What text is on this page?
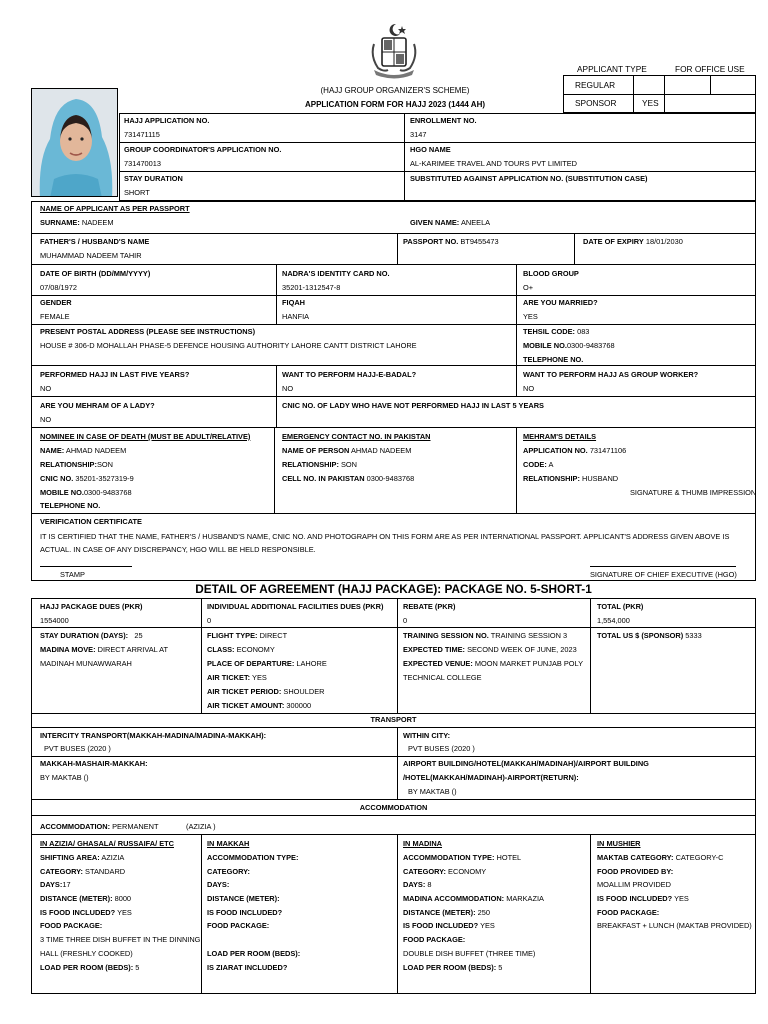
(HAJJ GROUP ORGANIZER'S SCHEME)
APPLICATION FORM FOR HAJJ 2023 (1444 AH)
APPLICANT TYPE	FOR OFFICE USE
REGULAR
SPONSOR	YES
HAJJ APPLICATION NO.
731471115
ENROLLMENT NO.
3147
GROUP COORDINATOR'S APPLICATION NO.
731470013
HGO NAME
AL-KARIMEE TRAVEL AND TOURS PVT LIMITED
STAY DURATION
SHORT
SUBSTITUTED AGAINST APPLICATION NO. (SUBSTITUTION CASE)
NAME OF APPLICANT AS PER PASSPORT
SURNAME: NADEEM	GIVEN NAME: ANEELA
FATHER'S / HUSBAND'S NAME
MUHAMMAD NADEEM TAHIR
PASSPORT NO. BT9455473	DATE OF EXPIRY 18/01/2030
DATE OF BIRTH (DD/MM/YYYY)
07/08/1972
NADRA'S IDENTITY CARD NO.
35201-1312547-8
BLOOD GROUP
O+
GENDER
FEMALE
FIQAH
HANFIA
ARE YOU MARRIED?
YES
PRESENT POSTAL ADDRESS (PLEASE SEE INSTRUCTIONS)
HOUSE # 306-D MOHALLAH PHASE-5 DEFENCE HOUSING AUTHORITY LAHORE CANTT DISTRICT LAHORE
TEHSIL CODE: 083
MOBILE NO.0300-9483768
TELEPHONE NO.
PERFORMED HAJJ IN LAST FIVE YEARS?
NO
WANT TO PERFORM HAJJ-E-BADAL?
NO
WANT TO PERFORM HAJJ AS GROUP WORKER?
NO
ARE YOU MEHRAM OF A LADY?
NO
CNIC NO. OF LADY WHO HAVE NOT PERFORMED HAJJ IN LAST 5 YEARS
NOMINEE IN CASE OF DEATH (MUST BE ADULT/RELATIVE)
NAME: AHMAD NADEEM
RELATIONSHIP:SON
CNIC NO. 35201-3527319-9
MOBILE NO.0300-9483768
TELEPHONE NO.
EMERGENCY CONTACT NO. IN PAKISTAN
NAME OF PERSON AHMAD NADEEM
RELATIONSHIP: SON
CELL NO. IN PAKISTAN 0300-9483768
MEHRAM'S DETAILS
APPLICATION NO. 731471106
CODE: A
RELATIONSHIP: HUSBAND
SIGNATURE & THUMB IMPRESSION
VERIFICATION CERTIFICATE
IT IS CERTIFIED THAT THE NAME, FATHER'S / HUSBAND'S NAME, CNIC NO. AND PHOTOGRAPH ON THIS FORM ARE AS PER INTERNATIONAL PASSPORT. APPLICANT'S ADDRESS GIVEN ABOVE IS ACTUAL. IN CASE OF ANY DISCREPANCY, HGO WILL BE HELD RESPONSIBLE.
STAMP	SIGNATURE OF CHIEF EXECUTIVE (HGO)
DETAIL OF AGREEMENT (HAJJ PACKAGE): PACKAGE NO. 5-SHORT-1
HAJJ PACKAGE DUES (PKR)
1554000
INDIVIDUAL ADDITIONAL FACILITIES DUES (PKR)
0
REBATE (PKR)
0
TOTAL (PKR)
1,554,000
STAY DURATION (DAYS): 25
MADINA MOVE: DIRECT ARRIVAL AT
MADINAH MUNAWWARAH
FLIGHT TYPE: DIRECT
CLASS: ECONOMY
PLACE OF DEPARTURE: LAHORE
AIR TICKET: YES
AIR TICKET PERIOD: SHOULDER
AIR TICKET AMOUNT: 300000
TRAINING SESSION NO. TRAINING SESSION 3
EXPECTED TIME: SECOND WEEK OF JUNE, 2023
EXPECTED VENUE: MOON MARKET PUNJAB POLY
TECHNICAL COLLEGE
TOTAL US $ (SPONSOR) 5333
TRANSPORT
INTERCITY TRANSPORT(MAKKAH-MADINA/MADINA-MAKKAH):
PVT BUSES (2020 )
WITHIN CITY:
PVT BUSES (2020 )
MAKKAH-MASHAIR-MAKKAH:
BY MAKTAB ()
AIRPORT BUILDING/HOTEL(MAKKAH/MADINAH)/AIRPORT BUILDING
/HOTEL(MAKKAH/MADINAH)-AIRPORT(RETURN):
BY MAKTAB ()
ACCOMMODATION
ACCOMMODATION: PERMANENT	(AZIZIA )
IN AZIZIA/ GHASALA/ RUSSAIFA/ ETC
SHIFTING AREA: AZIZIA
CATEGORY: STANDARD
DAYS:17
DISTANCE (METER): 8000
IS FOOD INCLUDED? YES
FOOD PACKAGE:
3 TIME THREE DISH BUFFET IN THE DINNING
HALL (FRESHLY COOKED)
LOAD PER ROOM (BEDS): 5
IN MAKKAH
ACCOMMODATION TYPE:
CATEGORY:
DAYS:
DISTANCE (METER):
IS FOOD INCLUDED?
FOOD PACKAGE:
LOAD PER ROOM (BEDS):
IS ZIARAT INCLUDED?
IN MADINA
ACCOMMODATION TYPE: HOTEL
CATEGORY: ECONOMY
DAYS: 8
MADINA ACCOMMODATION: MARKAZIA
DISTANCE (METER): 250
IS FOOD INCLUDED? YES
FOOD PACKAGE:
DOUBLE DISH BUFFET (THREE TIME)
LOAD PER ROOM (BEDS): 5
IN MUSHIER
MAKTAB CATEGORY: CATEGORY-C
FOOD PROVIDED BY:
MOALLIM PROVIDED
IS FOOD INCLUDED? YES
FOOD PACKAGE:
BREAKFAST + LUNCH (MAKTAB PROVIDED)
